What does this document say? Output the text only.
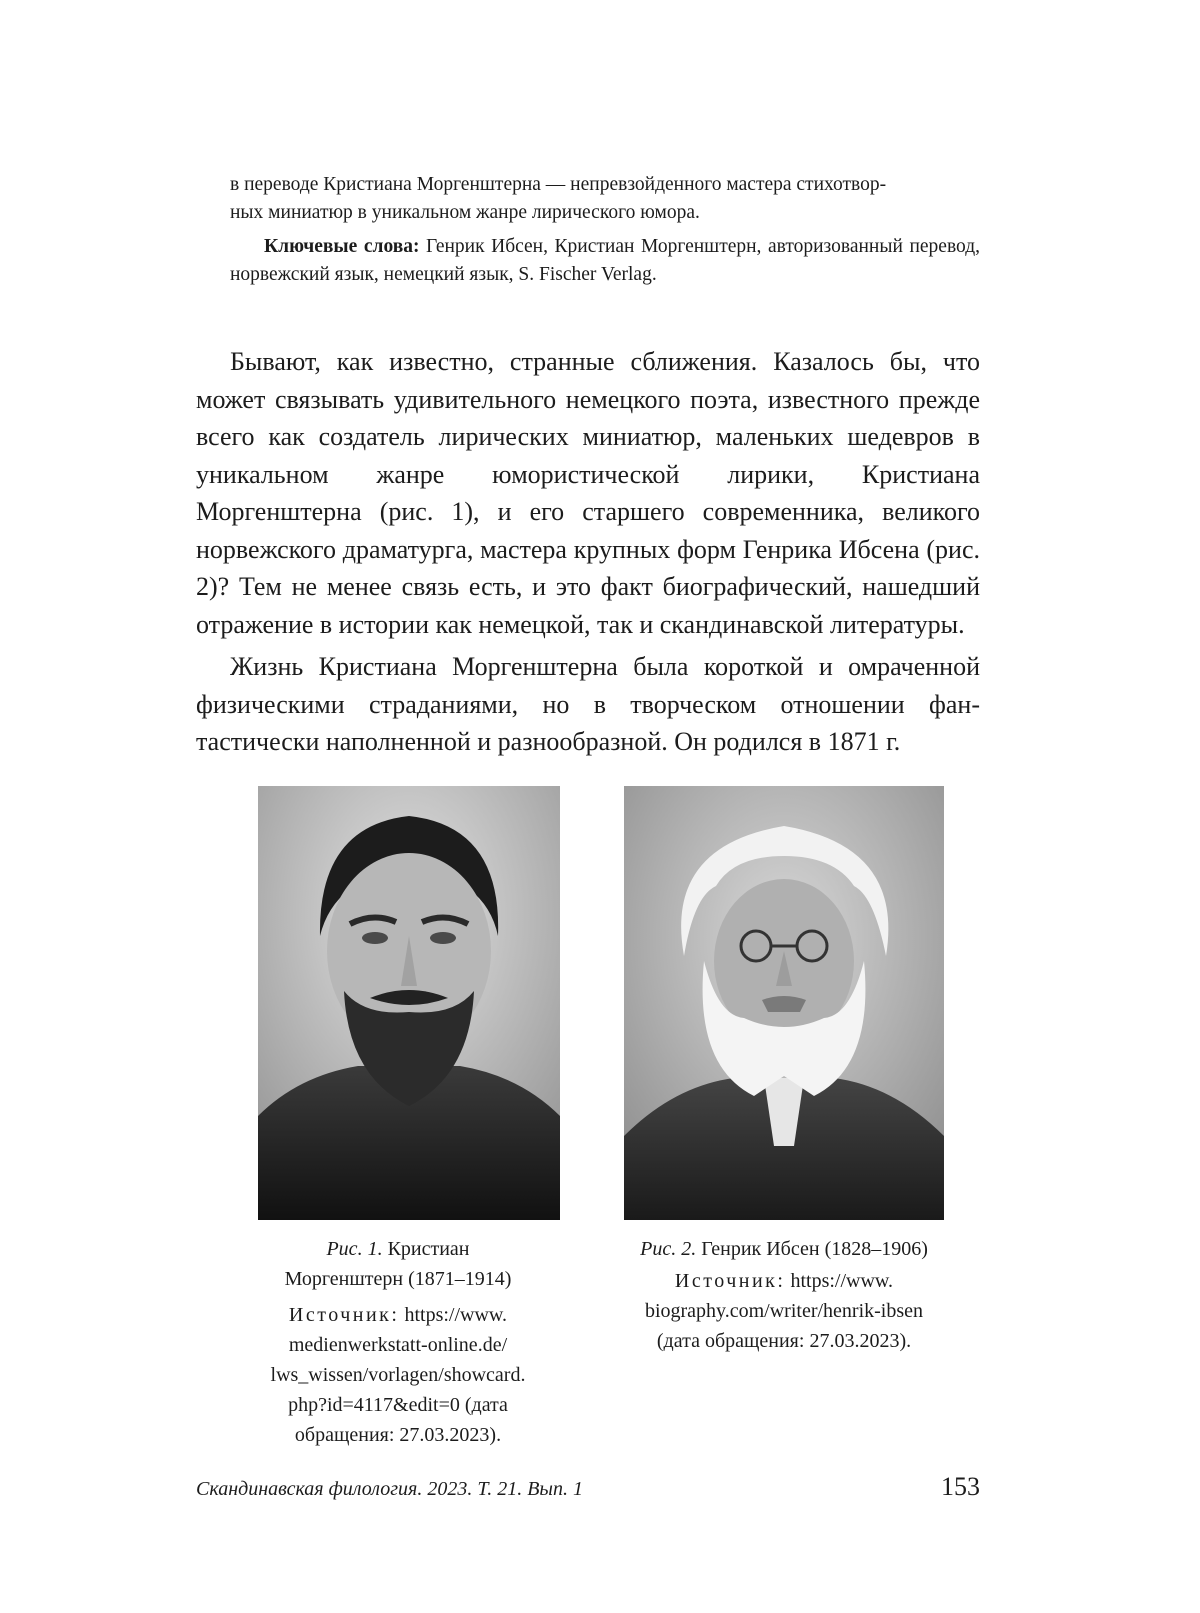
в переводе Кристиана Моргенштерна — непревзойденного мастера стихотвор-

ных миниатюр в уникальном жанре лирического юмора.

Ключевые слова: Генрик Ибсен, Кристиан Моргенштерн, авторизованный перевод, норвежский язык, немецкий язык, S. Fischer Verlag.

Бывают, как известно, странные сближения. Казалось бы, что может связывать удивительного немецкого поэта, известного прежде всего как создатель лирических миниатюр, маленьких шедевров в уникальном жанре юмористической лирики, Кристиана Моргенштерна (рис. 1), и его старшего современника, великого норвежского драматурга, мастера крупных форм Генрика Ибсена (рис. 2)? Тем не менее связь есть, и это факт биографический, нашедший отражение в истории как немецкой, так и скандинавской литературы.

Жизнь Кристиана Моргенштерна была короткой и омраченной физическими страданиями, но в творческом отношении фантастически наполненной и разнообразной. Он родился в 1871 г.

Рис. 1. Кристиан
Моргенштерн (1871–1914)
Источник: https://www.
medienwerkstatt-online.de/
lws_wissen/vorlagen/showcard.
php?id=4117&edit=0 (дата
обращения: 27.03.2023).
Рис. 2. Генрик Ибсен (1828–1906)
Источник: https://www.
biography.com/writer/henrik-ibsen
(дата обращения: 27.03.2023).
Скандинавская филология. 2023. Т. 21. Вып. 1	153
